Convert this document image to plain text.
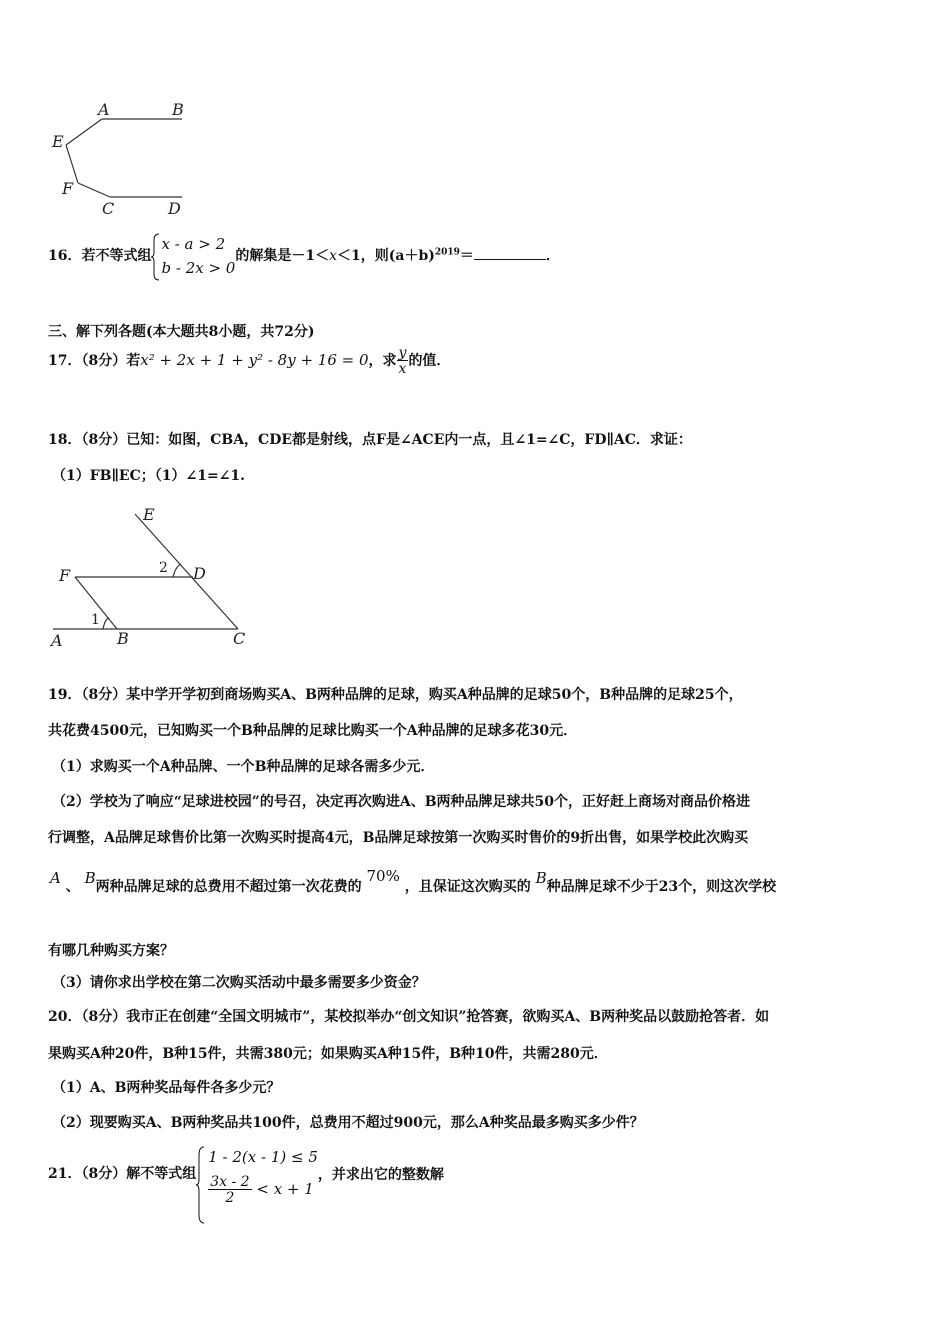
A	B
E
F
C	D
16．若不等式组
x - a > 2
b - 2x > 0
的解集是－1＜x＜1，则$(a+b)^{2019}=$	．
三、解下列各题(本大题共8小题，共72分)
17．（8分）若x² + 2x + 1 + y² - 8y + 16 = 0，求 $\frac{y}{x}$ 的值．
18．（8分）已知：如图，CBA，CDE都是射线，点F是∠ACE内一点，且∠1=∠C，FD∥AC．求证：
（1）FB∥EC；（1）∠1=∠1.
E
F	2 D
1
A	B	C
19．（8分）某中学开学初到商场购买A、B两种品牌的足球，购买A种品牌的足球50个，B种品牌的足球25个，
共花费4500元，已知购买一个B种品牌的足球比购买一个A种品牌的足球多花30元．
（1）求购买一个A种品牌、一个B种品牌的足球各需多少元．
（2）学校为了响应“足球进校园”的号召，决定再次购进A、B两种品牌足球共50个，正好赶上商场对商品价格进
行调整，A品牌足球售价比第一次购买时提高4元，B品牌足球按第一次购买时售价的9折出售，如果学校此次购买
A 、 B两种品牌足球的总费用不超过第一次花费的 70% ，且保证这次购买的 B种品牌足球不少于23个，则这次学校
有哪几种购买方案？
（3）请你求出学校在第二次购买活动中最多需要多少资金？
20．（8分）我市正在创建“全国文明城市”，某校拟举办“创文知识”抢答赛，欲购买A、B两种奖品以鼓励抢答者．如
果购买A种20件，B种15件，共需380元；如果购买A种15件，B种10件，共需280元．
（1）A、B两种奖品每件各多少元？
（2）现要购买A、B两种奖品共100件，总费用不超过900元，那么A种奖品最多购买多少件？
21．（8分）解不等式组
1 - 2(x - 1) ≤ 5
$\frac{3x - 2}{2} < x + 1$
，并求出它的整数解
